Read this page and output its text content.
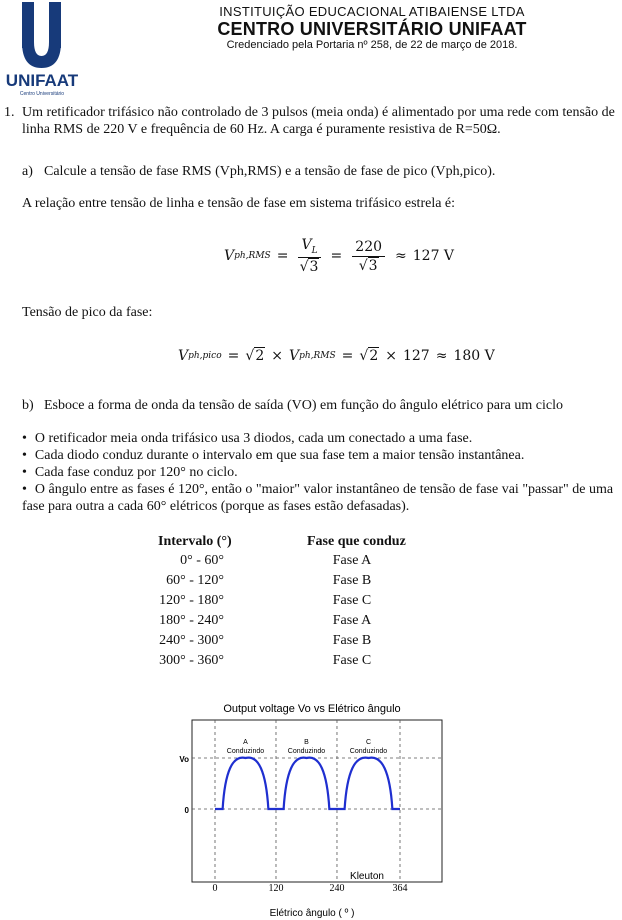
UNIFAAT
Centro Universitário
INSTITUIÇÃO EDUCACIONAL ATIBAIENSE LTDA
CENTRO UNIVERSITÁRIO UNIFAAT
Credenciado pela Portaria nº 258, de 22 de março de 2018.
1. Um retificador trifásico não controlado de 3 pulsos (meia onda) é alimentado por uma rede com tensão de linha RMS de 220 V e frequência de 60 Hz. A carga é puramente resistiva de R=50Ω.
a) Calcule a tensão de fase RMS (Vph,RMS) e a tensão de fase de pico (Vph,pico).
A relação entre tensão de linha e tensão de fase em sistema trifásico estrela é:
V $ph,RMS = \frac{V_L}{√3} = \frac{220}{√3} \approx 127$ V
Tensão de pico da fase:
V ph,pico = √2 × V ph,RMS = √2 × 127 ≈ 180 V
b) Esboce a forma de onda da tensão de saída (VO) em função do ângulo elétrico para um ciclo
• O retificador meia onda trifásico usa 3 diodos, cada um conectado a uma fase.
• Cada diodo conduz durante o intervalo em que sua fase tem a maior tensão instantânea.
• Cada fase conduz por 120° no ciclo.
• O ângulo entre as fases é 120°, então o "maior" valor instantâneo de tensão de fase vai "passar" de uma fase para outra a cada 60° elétricos (porque as fases estão defasadas).
Intervalo (°)	Fase que conduz
0° - 60°	Fase A
60° - 120°	Fase B
120° - 180°	Fase C
180° - 240°	Fase A
240° - 300°	Fase B
300° - 360°	Fase C
Output voltage Vo vs Elétrico ângulo
A
Conduzindo
B
Conduzindo
C
Conduzindo
Vo
0
0	120	240	364
Kleuton
Elétrico ângulo ( º )
